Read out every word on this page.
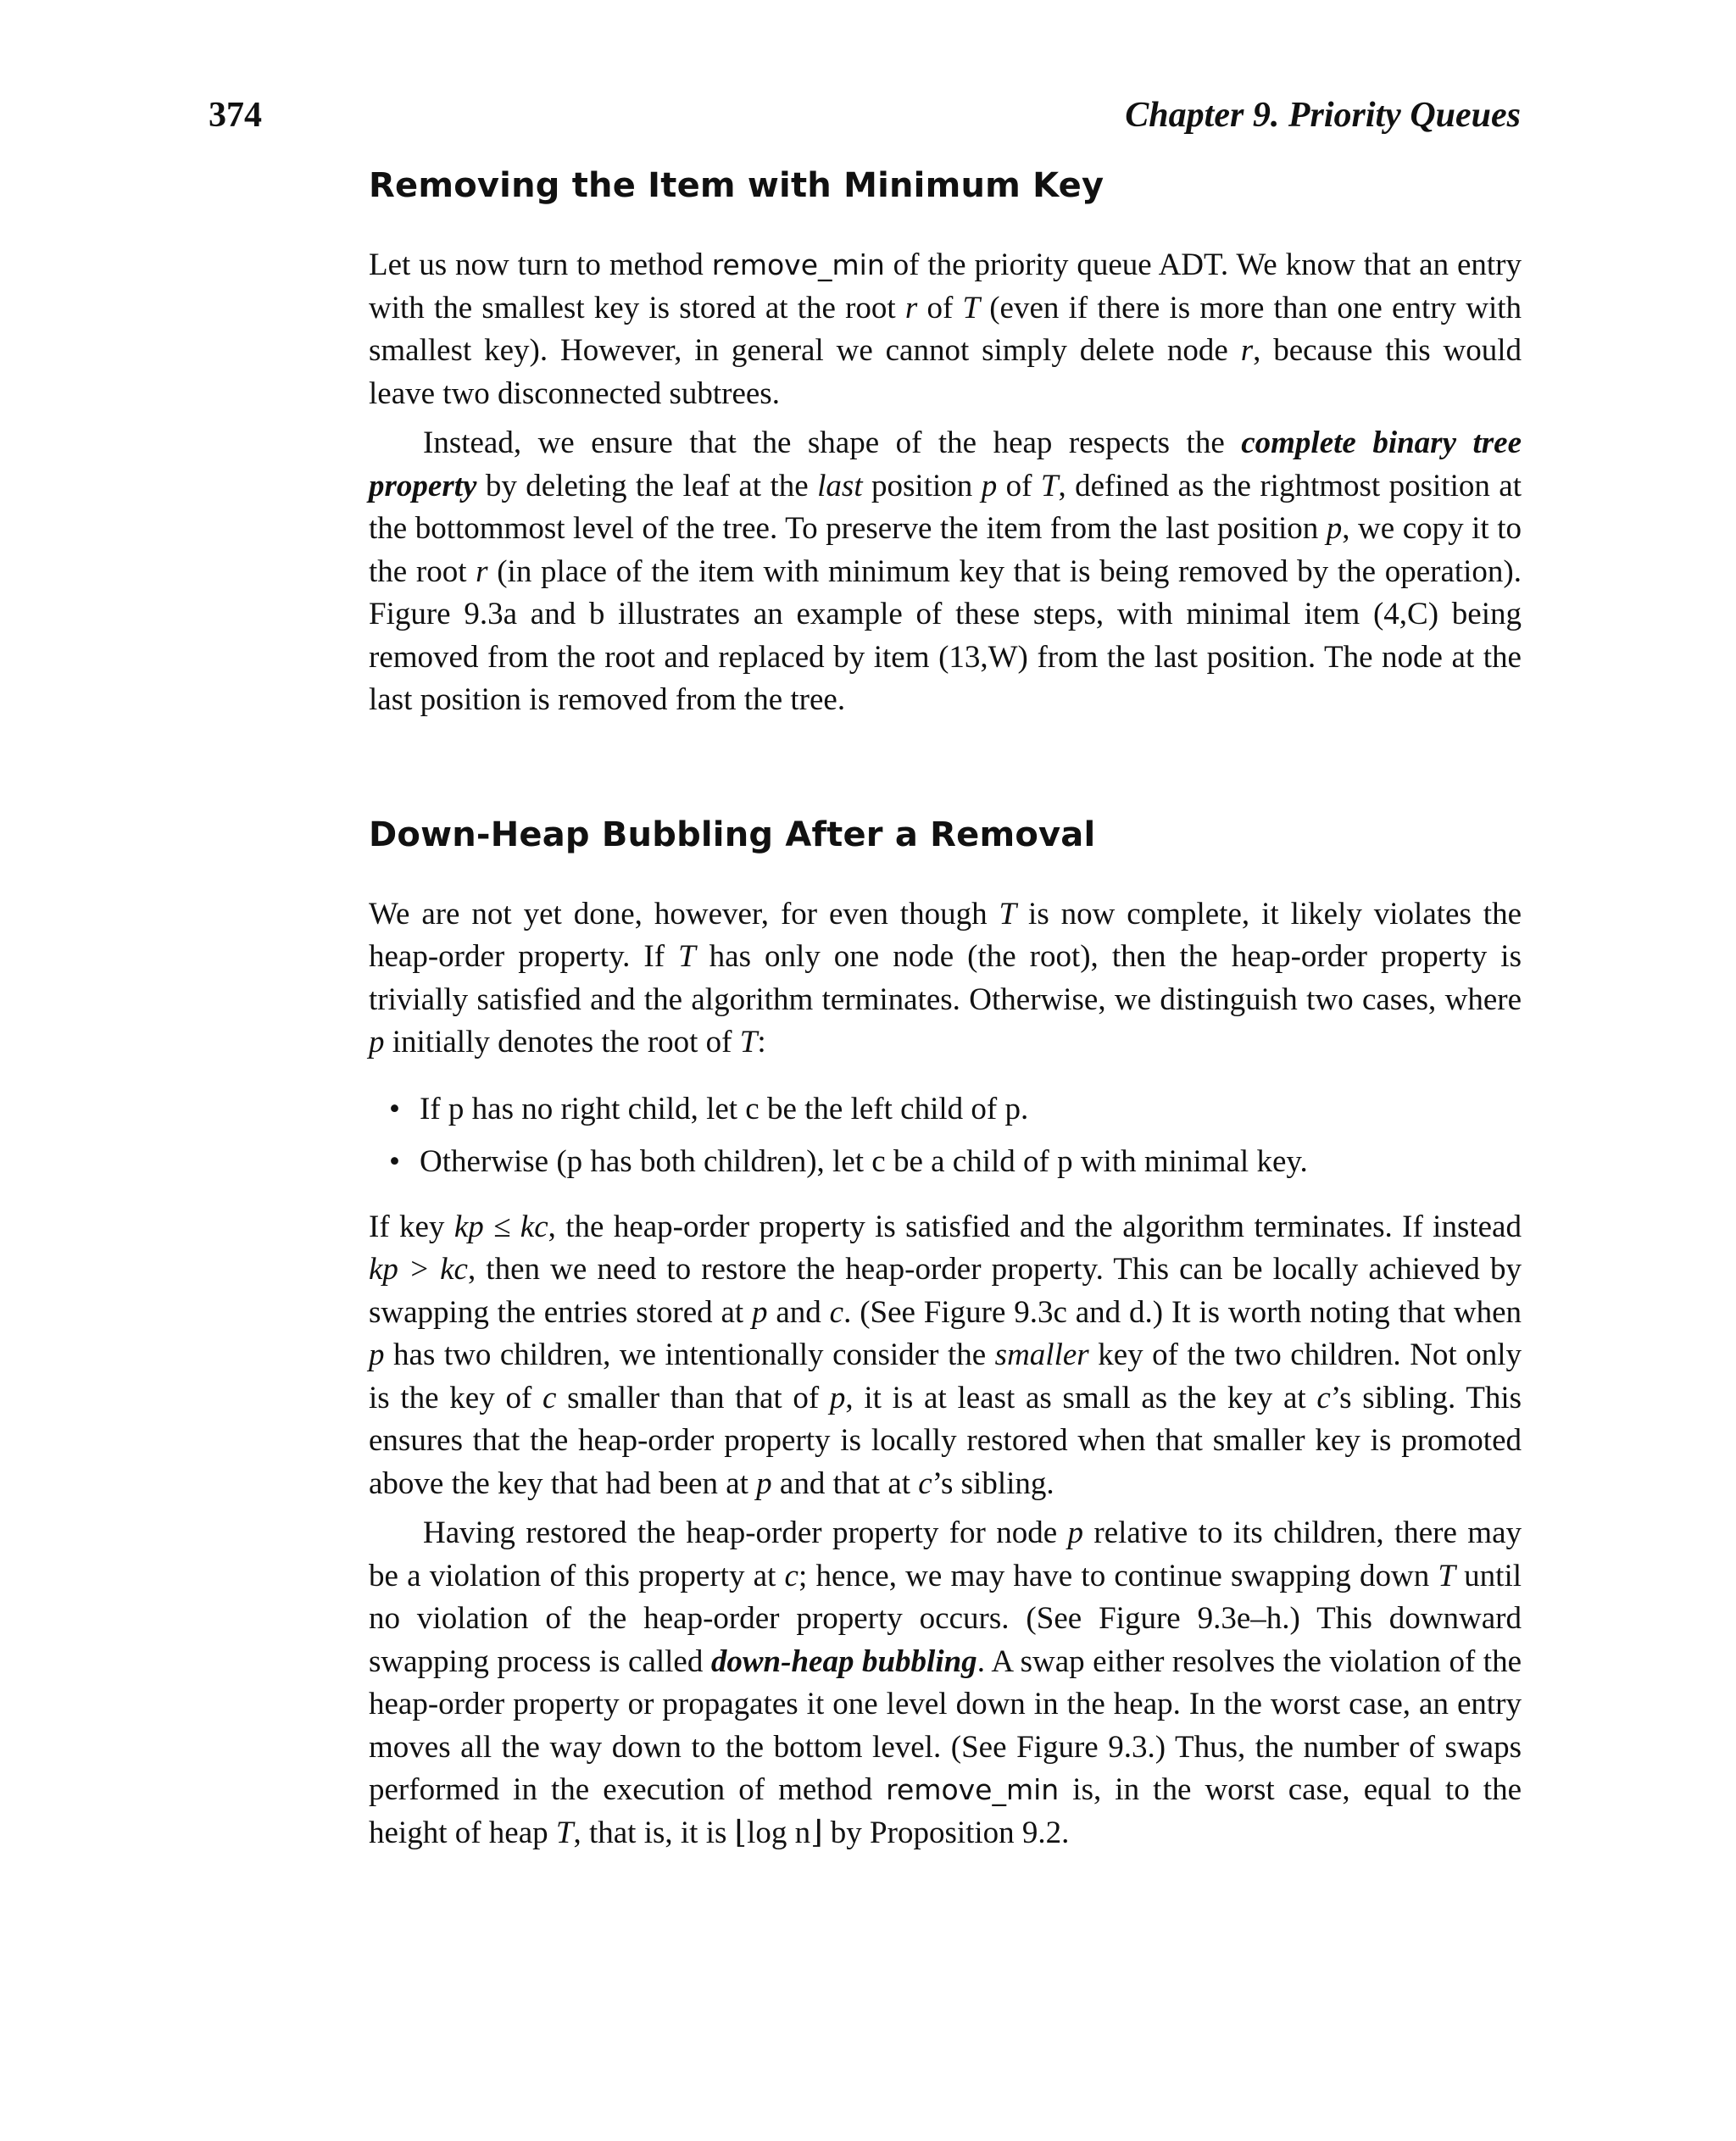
374	Chapter 9. Priority Queues
Removing the Item with Minimum Key

Let us now turn to method remove_min of the priority queue ADT. We know that an entry with the smallest key is stored at the root r of T (even if there is more than one entry with smallest key). However, in general we cannot simply delete node r, because this would leave two disconnected subtrees.

Instead, we ensure that the shape of the heap respects the complete binary tree property by deleting the leaf at the last position p of T, defined as the rightmost position at the bottommost level of the tree. To preserve the item from the last position p, we copy it to the root r (in place of the item with minimum key that is being removed by the operation). Figure 9.3a and b illustrates an example of these steps, with minimal item (4,C) being removed from the root and replaced by item (13,W) from the last position. The node at the last position is removed from the tree.

Down-Heap Bubbling After a Removal

We are not yet done, however, for even though T is now complete, it likely violates the heap-order property. If T has only one node (the root), then the heap-order property is trivially satisfied and the algorithm terminates. Otherwise, we distinguish two cases, where p initially denotes the root of T:

• If p has no right child, let c be the left child of p.
• Otherwise (p has both children), let c be a child of p with minimal key.

If key kp ≤ kc, the heap-order property is satisfied and the algorithm terminates. If instead kp > kc, then we need to restore the heap-order property. This can be locally achieved by swapping the entries stored at p and c. (See Figure 9.3c and d.) It is worth noting that when p has two children, we intentionally consider the smaller key of the two children. Not only is the key of c smaller than that of p, it is at least as small as the key at c’s sibling. This ensures that the heap-order property is locally restored when that smaller key is promoted above the key that had been at p and that at c’s sibling.

Having restored the heap-order property for node p relative to its children, there may be a violation of this property at c; hence, we may have to continue swapping down T until no violation of the heap-order property occurs. (See Figure 9.3e–h.) This downward swapping process is called down-heap bubbling. A swap either resolves the violation of the heap-order property or propagates it one level down in the heap. In the worst case, an entry moves all the way down to the bottom level. (See Figure 9.3.) Thus, the number of swaps performed in the execution of method remove_min is, in the worst case, equal to the height of heap T, that is, it is ⌊log n⌋ by Proposition 9.2.
